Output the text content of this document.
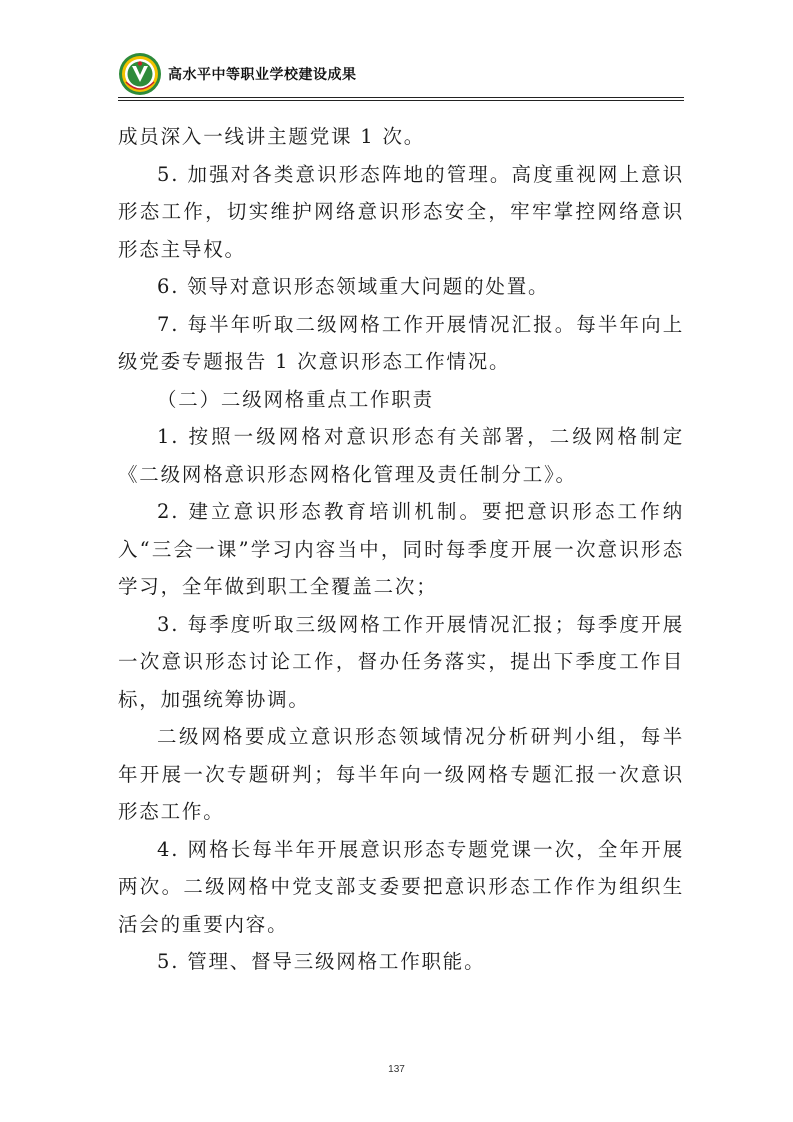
高水平中等职业学校建设成果

成员深入一线讲主题党课 1 次。

5. 加强对各类意识形态阵地的管理。高度重视网上意识形态工作，切实维护网络意识形态安全，牢牢掌控网络意识形态主导权。

6. 领导对意识形态领域重大问题的处置。

7. 每半年听取二级网格工作开展情况汇报。每半年向上级党委专题报告 1 次意识形态工作情况。

（二）二级网格重点工作职责

1. 按照一级网格对意识形态有关部署，二级网格制定《二级网格意识形态网格化管理及责任制分工》。

2. 建立意识形态教育培训机制。要把意识形态工作纳入“三会一课”学习内容当中，同时每季度开展一次意识形态学习，全年做到职工全覆盖二次；

3. 每季度听取三级网格工作开展情况汇报；每季度开展一次意识形态讨论工作，督办任务落实，提出下季度工作目标，加强统筹协调。

二级网格要成立意识形态领域情况分析研判小组，每半年开展一次专题研判；每半年向一级网格专题汇报一次意识形态工作。

4. 网格长每半年开展意识形态专题党课一次，全年开展两次。二级网格中党支部支委要把意识形态工作作为组织生活会的重要内容。

5. 管理、督导三级网格工作职能。

137
